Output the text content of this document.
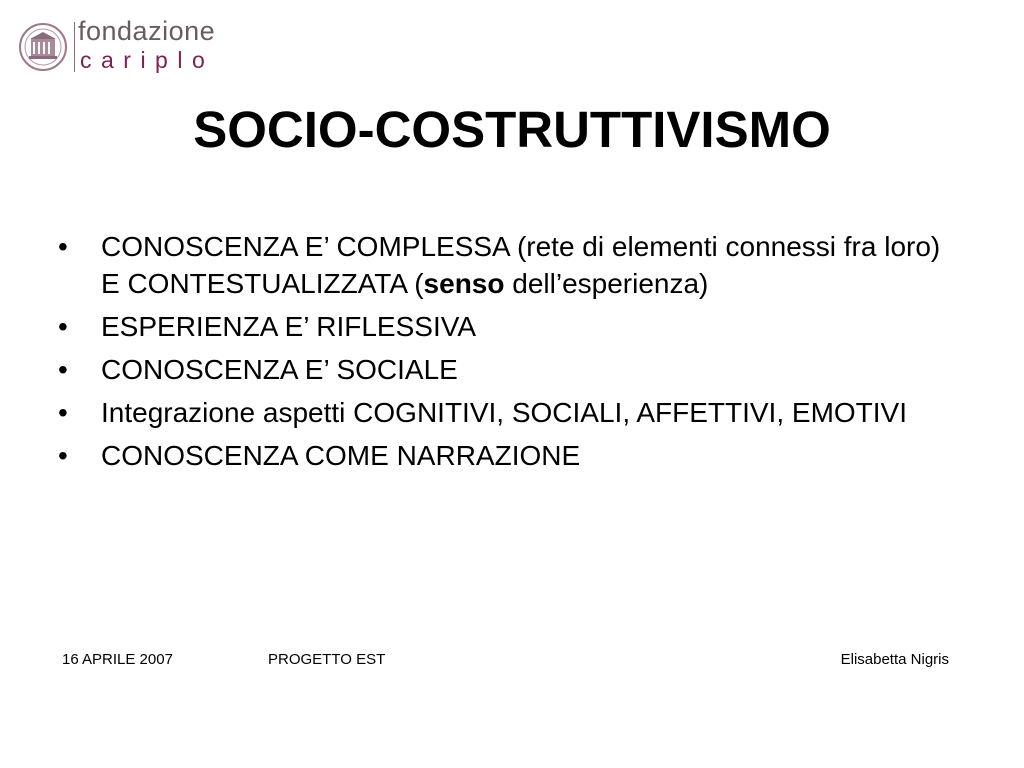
fondazione
cariplo
SOCIO-COSTRUTTIVISMO
• CONOSCENZA E’ COMPLESSA (rete di elementi connessi fra loro) E CONTESTUALIZZATA (senso dell’esperienza)
• ESPERIENZA E’ RIFLESSIVA
• CONOSCENZA E’ SOCIALE
• Integrazione aspetti COGNITIVI, SOCIALI, AFFETTIVI, EMOTIVI
• CONOSCENZA COME NARRAZIONE
16 APRILE 2007	PROGETTO EST	Elisabetta Nigris
